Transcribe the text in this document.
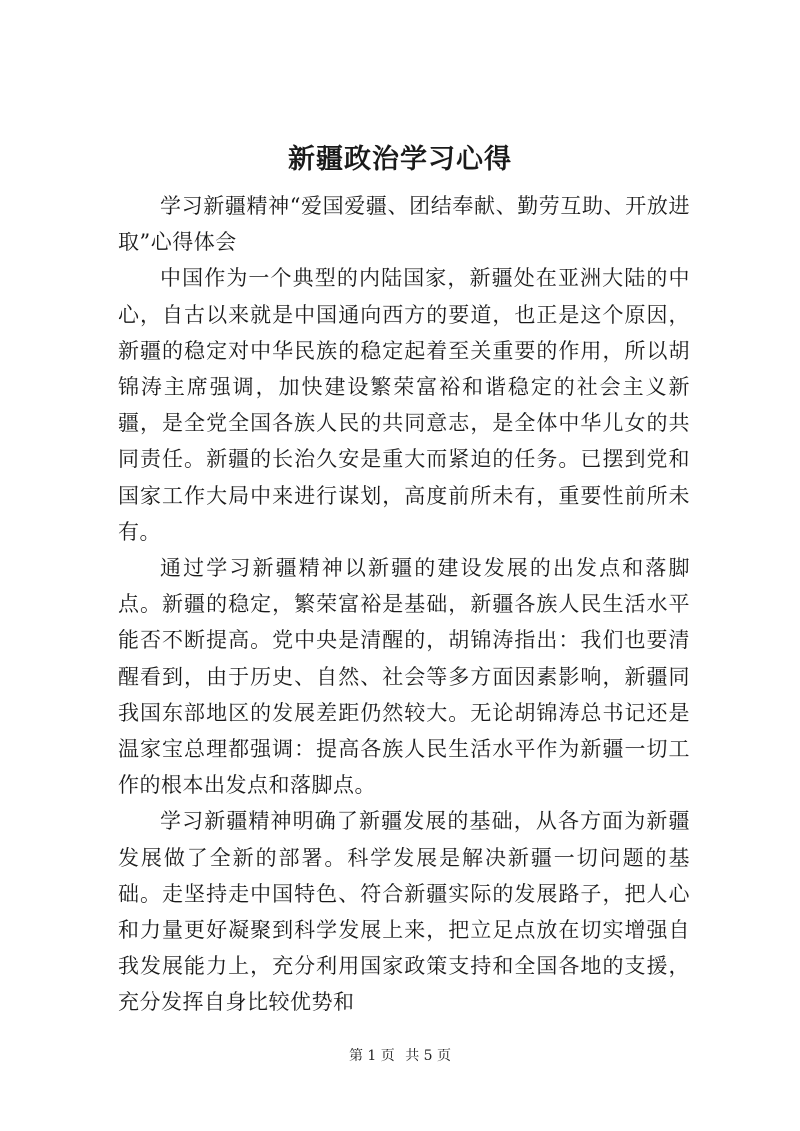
新疆政治学习心得

学习新疆精神“爱国爱疆、团结奉献、勤劳互助、开放进取”心得体会

中国作为一个典型的内陆国家，新疆处在亚洲大陆的中心，自古以来就是中国通向西方的要道，也正是这个原因，新疆的稳定对中华民族的稳定起着至关重要的作用，所以胡锦涛主席强调，加快建设繁荣富裕和谐稳定的社会主义新疆，是全党全国各族人民的共同意志，是全体中华儿女的共同责任。新疆的长治久安是重大而紧迫的任务。已摆到党和国家工作大局中来进行谋划，高度前所未有，重要性前所未有。

通过学习新疆精神以新疆的建设发展的出发点和落脚点。新疆的稳定，繁荣富裕是基础，新疆各族人民生活水平能否不断提高。党中央是清醒的，胡锦涛指出：我们也要清醒看到，由于历史、自然、社会等多方面因素影响，新疆同我国东部地区的发展差距仍然较大。无论胡锦涛总书记还是温家宝总理都强调：提高各族人民生活水平作为新疆一切工作的根本出发点和落脚点。

学习新疆精神明确了新疆发展的基础，从各方面为新疆发展做了全新的部署。科学发展是解决新疆一切问题的基础。走坚持走中国特色、符合新疆实际的发展路子，把人心和力量更好凝聚到科学发展上来，把立足点放在切实增强自我发展能力上，充分利用国家政策支持和全国各地的支援，充分发挥自身比较优势和

第 1 页 共 5 页
